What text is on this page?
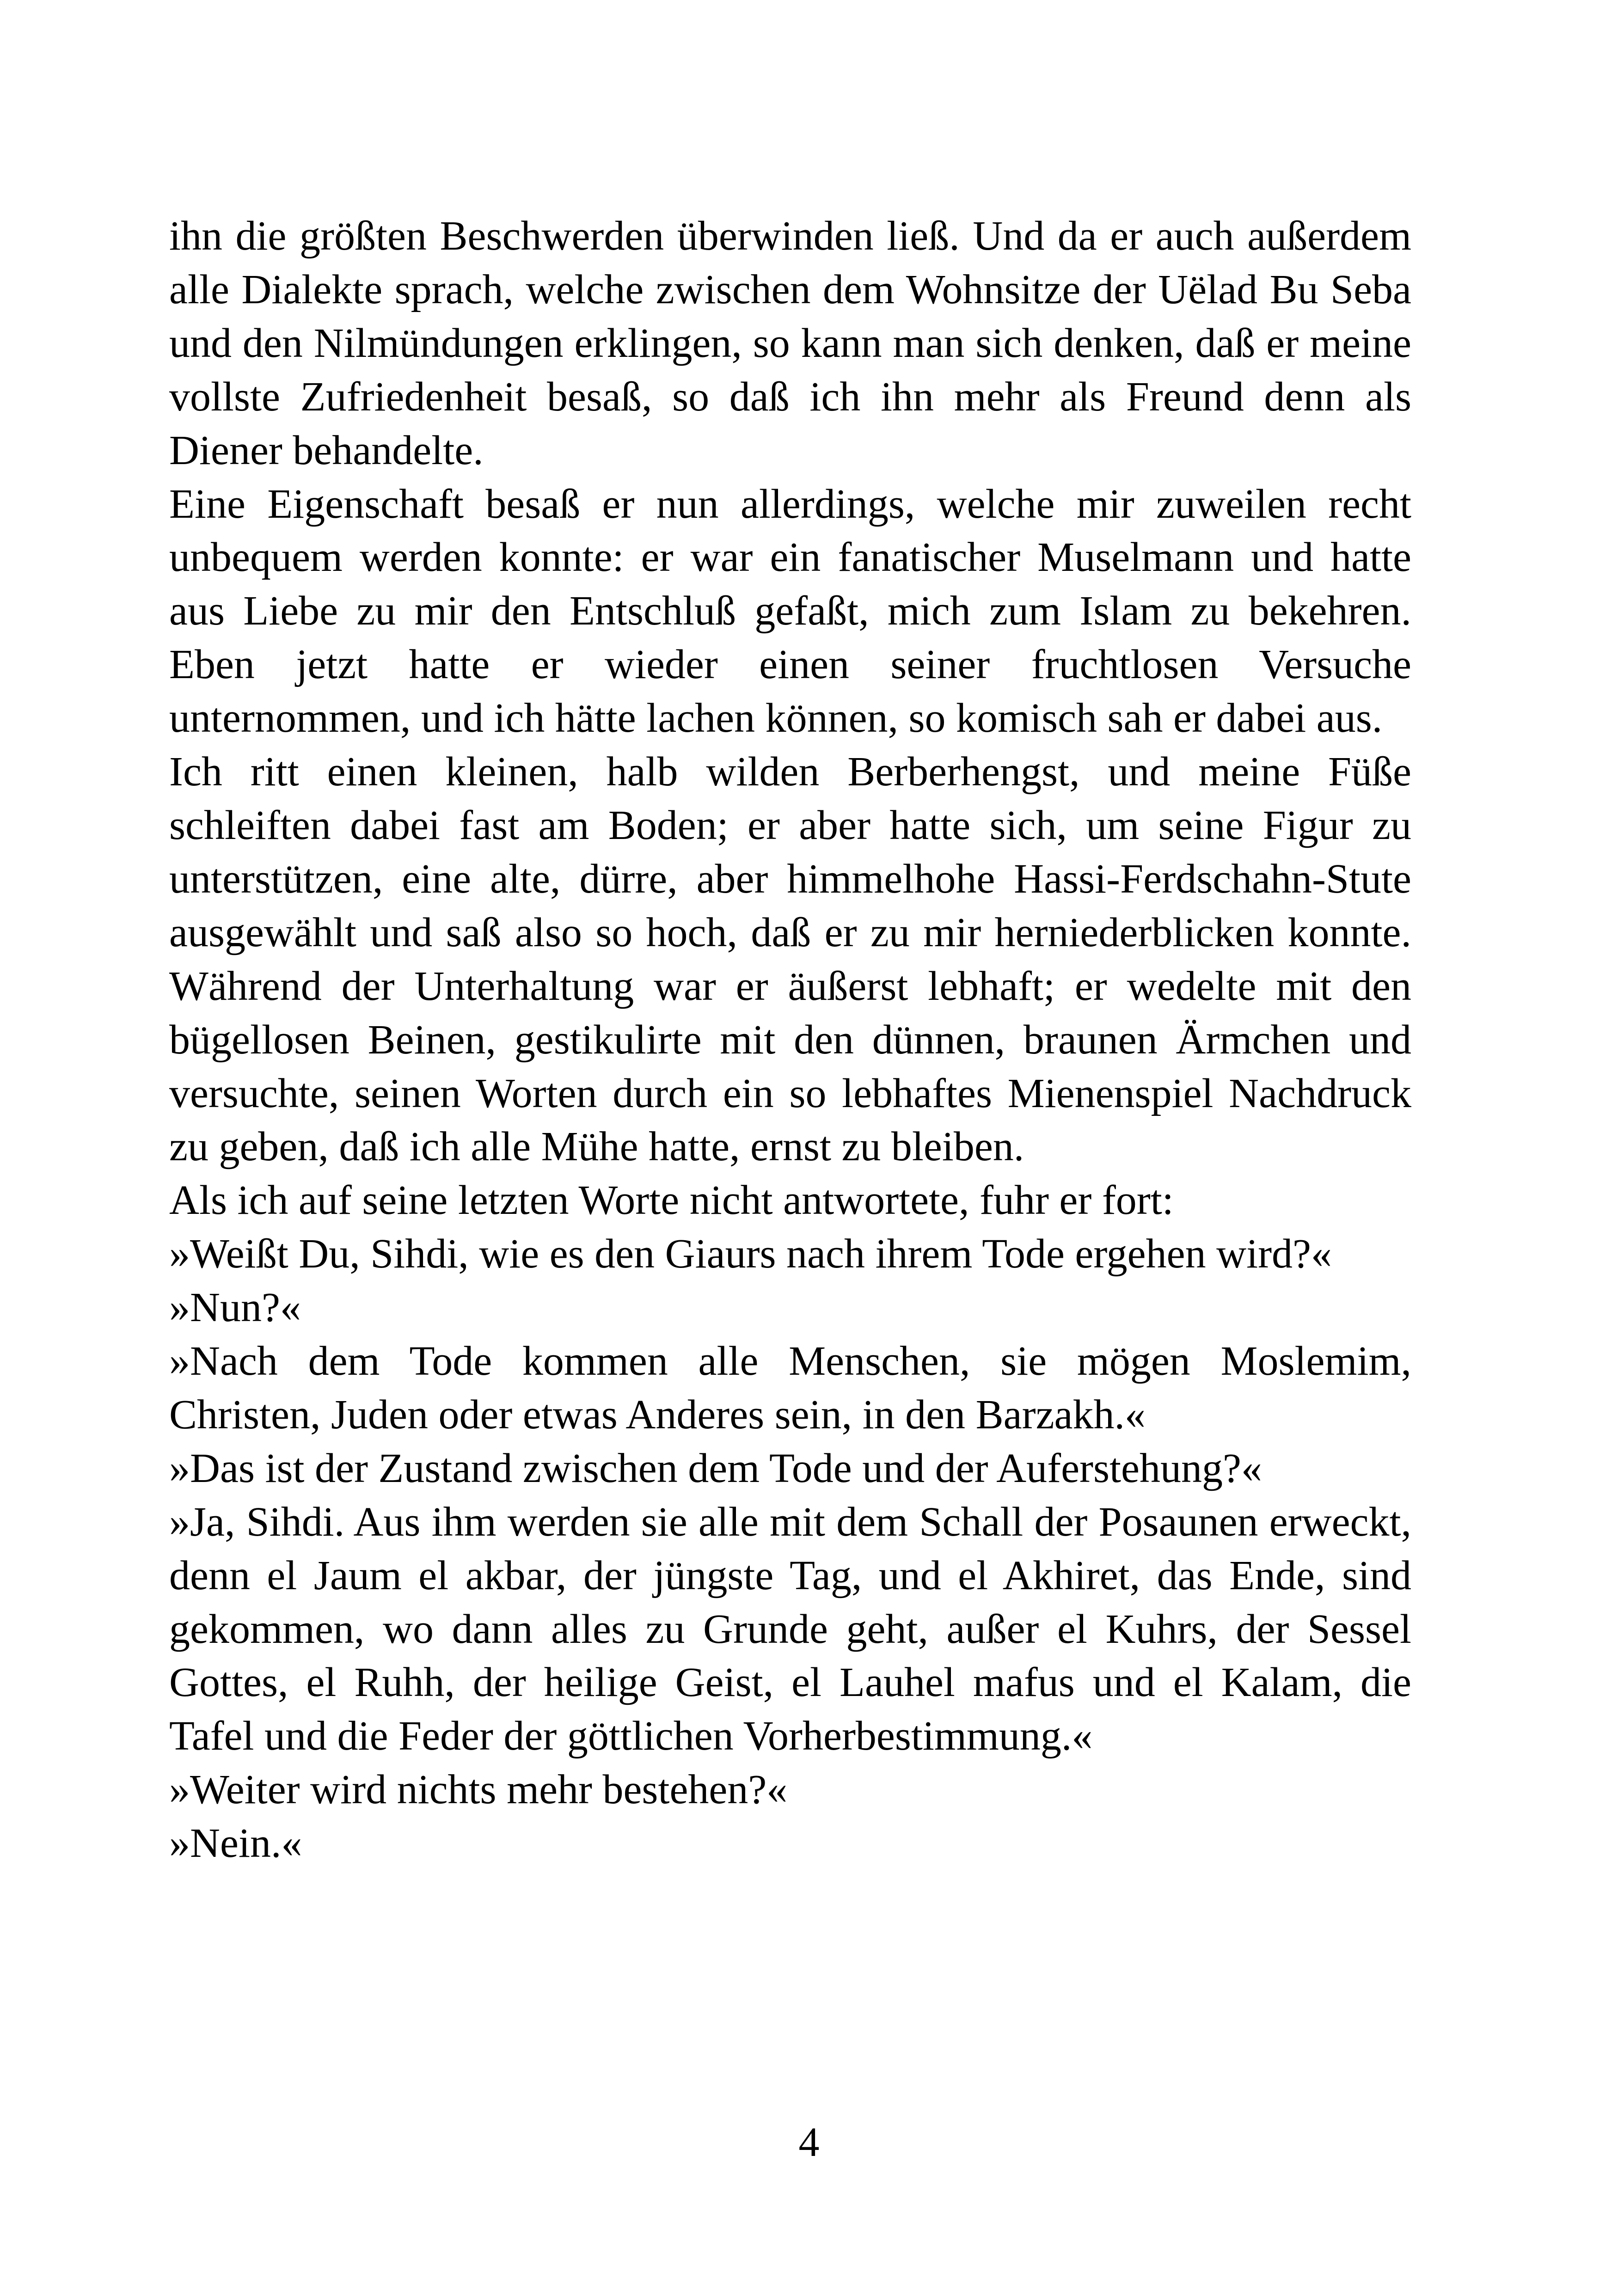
ihn die größten Beschwerden überwinden ließ. Und da er auch außerdem alle Dialekte sprach, welche zwischen dem Wohnsitze der Uëlad Bu Seba und den Nilmündungen erklingen, so kann man sich denken, daß er meine vollste Zufriedenheit besaß, so daß ich ihn mehr als Freund denn als Diener behandelte.

Eine Eigenschaft besaß er nun allerdings, welche mir zuweilen recht unbequem werden konnte: er war ein fanatischer Muselmann und hatte aus Liebe zu mir den Entschluß gefaßt, mich zum Islam zu bekehren. Eben jetzt hatte er wieder einen seiner fruchtlosen Versuche unternommen, und ich hätte lachen können, so komisch sah er dabei aus.

Ich ritt einen kleinen, halb wilden Berberhengst, und meine Füße schleiften dabei fast am Boden; er aber hatte sich, um seine Figur zu unterstützen, eine alte, dürre, aber himmelhohe Hassi-Ferdschahn-Stute ausgewählt und saß also so hoch, daß er zu mir herniederblicken konnte. Während der Unterhaltung war er äußerst lebhaft; er wedelte mit den bügellosen Beinen, gestikulirte mit den dünnen, braunen Ärmchen und versuchte, seinen Worten durch ein so lebhaftes Mienenspiel Nachdruck zu geben, daß ich alle Mühe hatte, ernst zu bleiben.

Als ich auf seine letzten Worte nicht antwortete, fuhr er fort:

»Weißt Du, Sihdi, wie es den Giaurs nach ihrem Tode ergehen wird?«

»Nun?«

»Nach dem Tode kommen alle Menschen, sie mögen Moslemim, Christen, Juden oder etwas Anderes sein, in den Barzakh.«

»Das ist der Zustand zwischen dem Tode und der Auferstehung?«

»Ja, Sihdi. Aus ihm werden sie alle mit dem Schall der Posaunen erweckt, denn el Jaum el akbar, der jüngste Tag, und el Akhiret, das Ende, sind gekommen, wo dann alles zu Grunde geht, außer el Kuhrs, der Sessel Gottes, el Ruhh, der heilige Geist, el Lauhel mafus und el Kalam, die Tafel und die Feder der göttlichen Vorherbestimmung.«

»Weiter wird nichts mehr bestehen?«

»Nein.«

4
